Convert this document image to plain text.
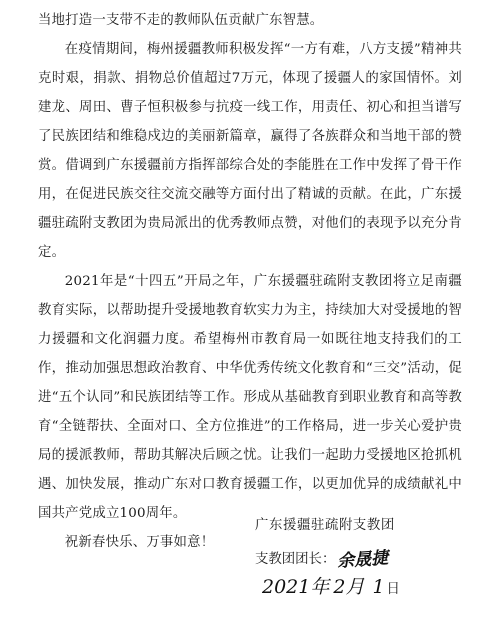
当地打造一支带不走的教师队伍贡献广东智慧。

在疫情期间，梅州援疆教师积极发挥“一方有难，八方支援”精神共克时艰，捐款、捐物总价值超过7万元，体现了援疆人的家国情怀。刘建龙、周田、曹子恒积极参与抗疫一线工作，用责任、初心和担当谱写了民族团结和维稳戍边的美丽新篇章，赢得了各族群众和当地干部的赞赏。借调到广东援疆前方指挥部综合处的李能胜在工作中发挥了骨干作用，在促进民族交往交流交融等方面付出了精诚的贡献。在此，广东援疆驻疏附支教团为贵局派出的优秀教师点赞，对他们的表现予以充分肯定。

2021年是“十四五”开局之年，广东援疆驻疏附支教团将立足南疆教育实际，以帮助提升受援地教育软实力为主，持续加大对受援地的智力援疆和文化润疆力度。希望梅州市教育局一如既往地支持我们的工作，推动加强思想政治教育、中华优秀传统文化教育和“三交”活动，促进“五个认同”和民族团结等工作。形成从基础教育到职业教育和高等教育“全链帮扶、全面对口、全方位推进”的工作格局，进一步关心爱护贵局的援派教师，帮助其解决后顾之忧。让我们一起助力受援地区抢抓机遇、加快发展，推动广东对口教育援疆工作，以更加优异的成绩献礼中国共产党成立100周年。

祝新春快乐、万事如意！

广东援疆驻疏附支教团
支教团团长： 余晟捷
2021年 2月 1 日
